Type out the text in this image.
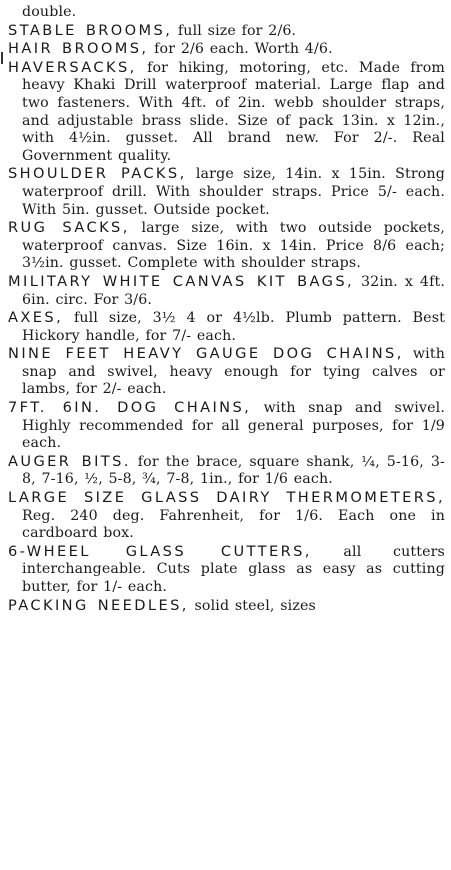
double.

STABLE BROOMS, full size for 2/6.

HAIR BROOMS, for 2/6 each. Worth 4/6.

HAVERSACKS, for hiking, motoring, etc. Made from heavy Khaki Drill waterproof material. Large flap and two fasteners. With 4ft. of 2in. webb shoulder straps, and adjustable brass slide. Size of pack 13in. x 12in., with 4½in. gusset. All brand new. For 2/-. Real Government quality.

SHOULDER PACKS, large size, 14in. x 15in. Strong waterproof drill. With shoulder straps. Price 5/- each. With 5in. gusset. Outside pocket.

RUG SACKS, large size, with two outside pockets, waterproof canvas. Size 16in. x 14in. Price 8/6 each; 3½in. gusset. Complete with shoulder straps.

MILITARY WHITE CANVAS KIT BAGS, 32in. x 4ft. 6in. circ. For 3/6.

AXES, full size, 3½ 4 or 4½lb. Plumb pattern. Best Hickory handle, for 7/- each.

NINE FEET HEAVY GAUGE DOG CHAINS, with snap and swivel, heavy enough for tying calves or lambs, for 2/- each.

7FT. 6IN. DOG CHAINS, with snap and swivel. Highly recommended for all general purposes, for 1/9 each.

AUGER BITS. for the brace, square shank, ¼, 5-16, 3-8, 7-16, ½, 5-8, ¾, 7-8, 1in., for 1/6 each.

LARGE SIZE GLASS DAIRY THERMOMETERS, Reg. 240 deg. Fahrenheit, for 1/6. Each one in cardboard box.

6-WHEEL GLASS CUTTERS, all cutters interchangeable. Cuts plate glass as easy as cutting butter, for 1/- each.

PACKING NEEDLES, solid steel, sizes
